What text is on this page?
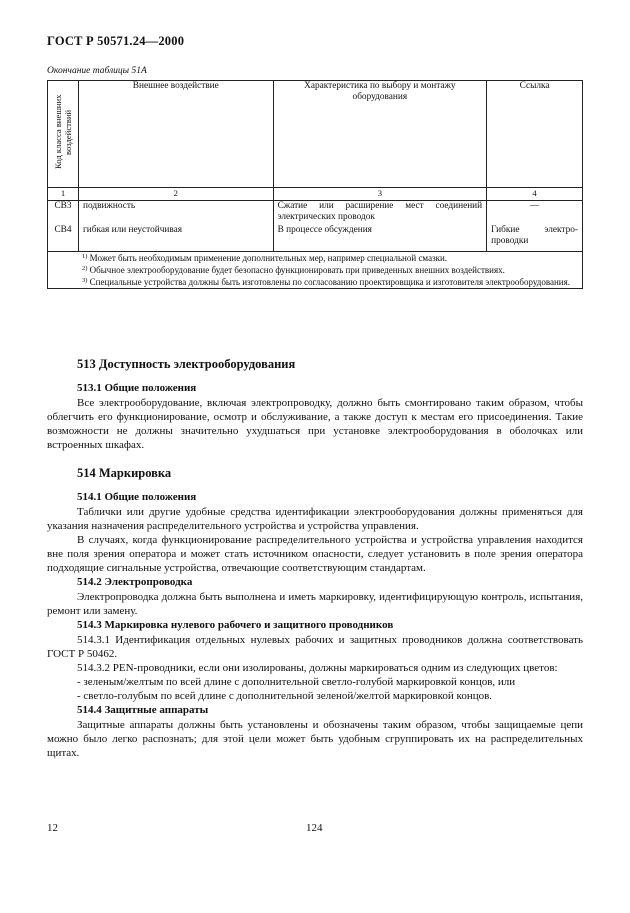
ГОСТ Р 50571.24—2000
Окончание таблицы 51А
Код класса внешних воздействий	Внешнее воздействие	Характеристика по выбору и монтажу оборудования	Ссылка
1	2	3	4
CB3	подвижность	Сжатие или расширение мест соединений электрических проводок	—
CB4	гибкая или неустойчивая	В процессе обсуждения	Гибкие электро-проводки

$^{1)}$ Может быть необходимым применение дополнительных мер, например специальной смазки.
$^{2)}$ Обычное электрооборудование будет безопасно функционировать при приведенных внешних воздействиях.
$^{3)}$ Специальные устройства должны быть изготовлены по согласованию проектировщика и изготовителя электрооборудования.			
513 Доступность электрооборудования
513.1 Общие положения

Все электрооборудование, включая электропроводку, должно быть смонтировано таким образом, чтобы облегчить его функционирование, осмотр и обслуживание, а также доступ к местам его присоединения. Такие возможности не должны значительно ухудшаться при установке электрооборудования в оболочках или встроенных шкафах.

514 Маркировка
514.1 Общие положения

Таблички или другие удобные средства идентификации электрооборудования должны применяться для указания назначения распределительного устройства и устройства управления.

В случаях, когда функционирование распределительного устройства и устройства управления находится вне поля зрения оператора и может стать источником опасности, следует установить в поле зрения оператора подходящие сигнальные устройства, отвечающие соответствующим стандартам.

514.2 Электропроводка

Электропроводка должна быть выполнена и иметь маркировку, идентифицирующую контроль, испытания, ремонт или замену.

514.3 Маркировка нулевого рабочего и защитного проводников

514.3.1 Идентификация отдельных нулевых рабочих и защитных проводников должна соответствовать ГОСТ Р 50462.

514.3.2 PEN-проводники, если они изолированы, должны маркироваться одним из следующих цветов:

- зеленым/желтым по всей длине с дополнительной светло-голубой маркировкой концов, или

- светло-голубым по всей длине с дополнительной зеленой/желтой маркировкой концов.

514.4 Защитные аппараты

Защитные аппараты должны быть установлены и обозначены таким образом, чтобы защищаемые цепи можно было легко распознать; для этой цели может быть удобным сгруппировать их на распределительных щитах.

12	124
